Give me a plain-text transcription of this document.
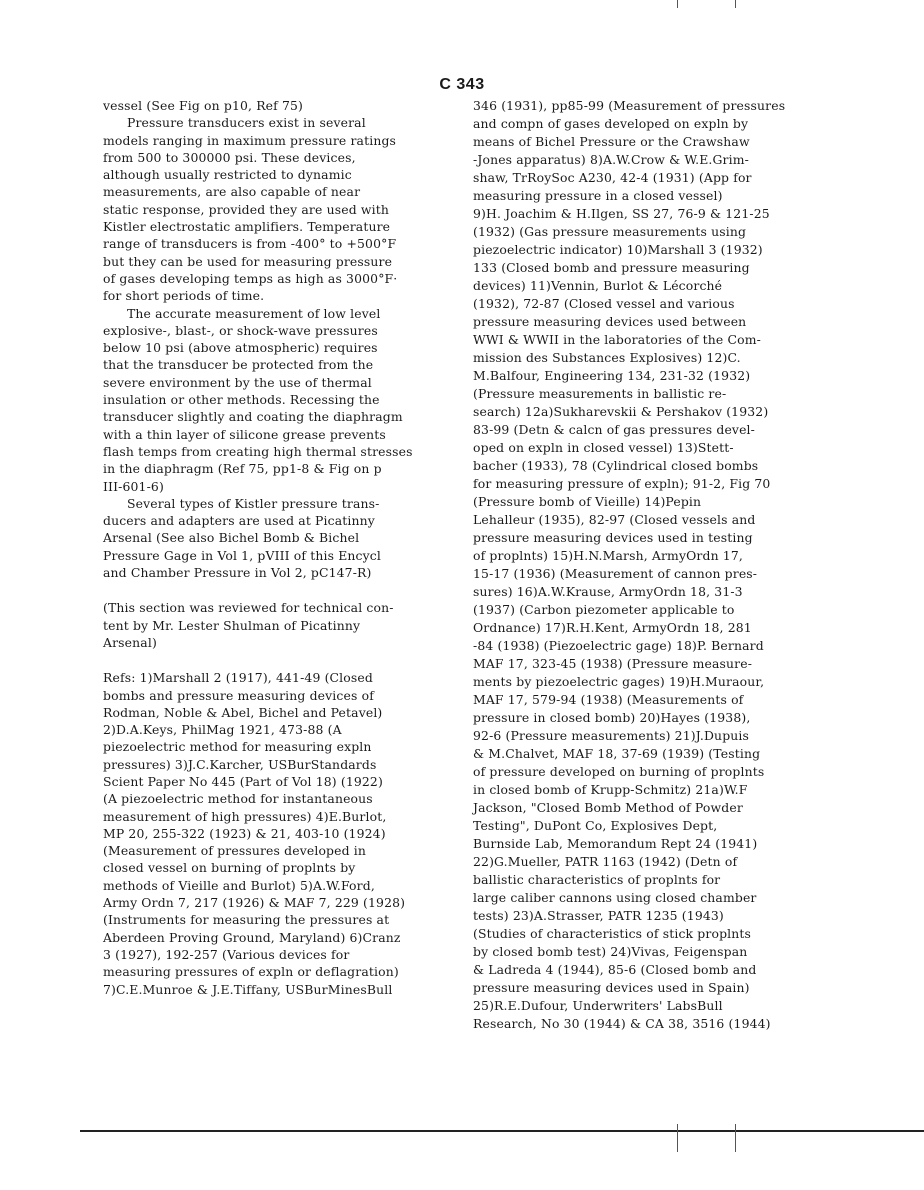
C 343
vessel (See Fig on p10, Ref 75)
Pressure transducers exist in several
models ranging in maximum pressure ratings
from 500 to 300000 psi. These devices,
although usually restricted to dynamic
measurements, are also capable of near
static response, provided they are used with
Kistler electrostatic amplifiers. Temperature
range of transducers is from -400° to +500°F
but they can be used for measuring pressure
of gases developing temps as high as 3000°F·
for short periods of time.
The accurate measurement of low level
explosive-, blast-, or shock-wave pressures
below 10 psi (above atmospheric) requires
that the transducer be protected from the
severe environment by the use of thermal
insulation or other methods. Recessing the
transducer slightly and coating the diaphragm
with a thin layer of silicone grease prevents
flash temps from creating high thermal stresses
in the diaphragm (Ref 75, pp1-8 & Fig on p
III-601-6)
Several types of Kistler pressure trans-
ducers and adapters are used at Picatinny
Arsenal (See also Bichel Bomb & Bichel
Pressure Gage in Vol 1, pVIII of this Encycl
and Chamber Pressure in Vol 2, pC147-R)
(This section was reviewed for technical con-
tent by Mr. Lester Shulman of Picatinny
Arsenal)
Refs: 1)Marshall 2 (1917), 441-49 (Closed
bombs and pressure measuring devices of
Rodman, Noble & Abel, Bichel and Petavel)
2)D.A.Keys, PhilMag 1921, 473-88 (A
piezoelectric method for measuring expln
pressures) 3)J.C.Karcher, USBurStandards
Scient Paper No 445 (Part of Vol 18) (1922)
(A piezoelectric method for instantaneous
measurement of high pressures) 4)E.Burlot,
MP 20, 255-322 (1923) & 21, 403-10 (1924)
(Measurement of pressures developed in
closed vessel on burning of proplnts by
methods of Vieille and Burlot) 5)A.W.Ford,
Army Ordn 7, 217 (1926) & MAF 7, 229 (1928)
(Instruments for measuring the pressures at
Aberdeen Proving Ground, Maryland) 6)Cranz
3 (1927), 192-257 (Various devices for
measuring pressures of expln or deflagration)
7)C.E.Munroe & J.E.Tiffany, USBurMinesBull
346 (1931), pp85-99 (Measurement of pressures
and compn of gases developed on expln by
means of Bichel Pressure or the Crawshaw
-Jones apparatus) 8)A.W.Crow & W.E.Grim-
shaw, TrRoySoc A230, 42-4 (1931) (App for
measuring pressure in a closed vessel)
9)H. Joachim & H.Ilgen, SS 27, 76-9 & 121-25
(1932) (Gas pressure measurements using
piezoelectric indicator) 10)Marshall 3 (1932)
133 (Closed bomb and pressure measuring
devices) 11)Vennin, Burlot & Lécorché
(1932), 72-87 (Closed vessel and various
pressure measuring devices used between
WWI & WWII in the laboratories of the Com-
mission des Substances Explosives) 12)C.
M.Balfour, Engineering 134, 231-32 (1932)
(Pressure measurements in ballistic re-
search) 12a)Sukharevskii & Pershakov (1932)
83-99 (Detn & calcn of gas pressures devel-
oped on expln in closed vessel) 13)Stett-
bacher (1933), 78 (Cylindrical closed bombs
for measuring pressure of expln); 91-2, Fig 70
(Pressure bomb of Vieille) 14)Pepin
Lehalleur (1935), 82-97 (Closed vessels and
pressure measuring devices used in testing
of proplnts) 15)H.N.Marsh, ArmyOrdn 17,
15-17 (1936) (Measurement of cannon pres-
sures) 16)A.W.Krause, ArmyOrdn 18, 31-3
(1937) (Carbon piezometer applicable to
Ordnance) 17)R.H.Kent, ArmyOrdn 18, 281
-84 (1938) (Piezoelectric gage) 18)P. Bernard
MAF 17, 323-45 (1938) (Pressure measure-
ments by piezoelectric gages) 19)H.Muraour,
MAF 17, 579-94 (1938) (Measurements of
pressure in closed bomb) 20)Hayes (1938),
92-6 (Pressure measurements) 21)J.Dupuis
& M.Chalvet, MAF 18, 37-69 (1939) (Testing
of pressure developed on burning of proplnts
in closed bomb of Krupp-Schmitz) 21a)W.F
Jackson, "Closed Bomb Method of Powder
Testing", DuPont Co, Explosives Dept,
Burnside Lab, Memorandum Rept 24 (1941)
22)G.Mueller, PATR 1163 (1942) (Detn of
ballistic characteristics of proplnts for
large caliber cannons using closed chamber
tests) 23)A.Strasser, PATR 1235 (1943)
(Studies of characteristics of stick proplnts
by closed bomb test) 24)Vivas, Feigenspan
& Ladreda 4 (1944), 85-6 (Closed bomb and
pressure measuring devices used in Spain)
25)R.E.Dufour, Underwriters' LabsBull
Research, No 30 (1944) & CA 38, 3516 (1944)
